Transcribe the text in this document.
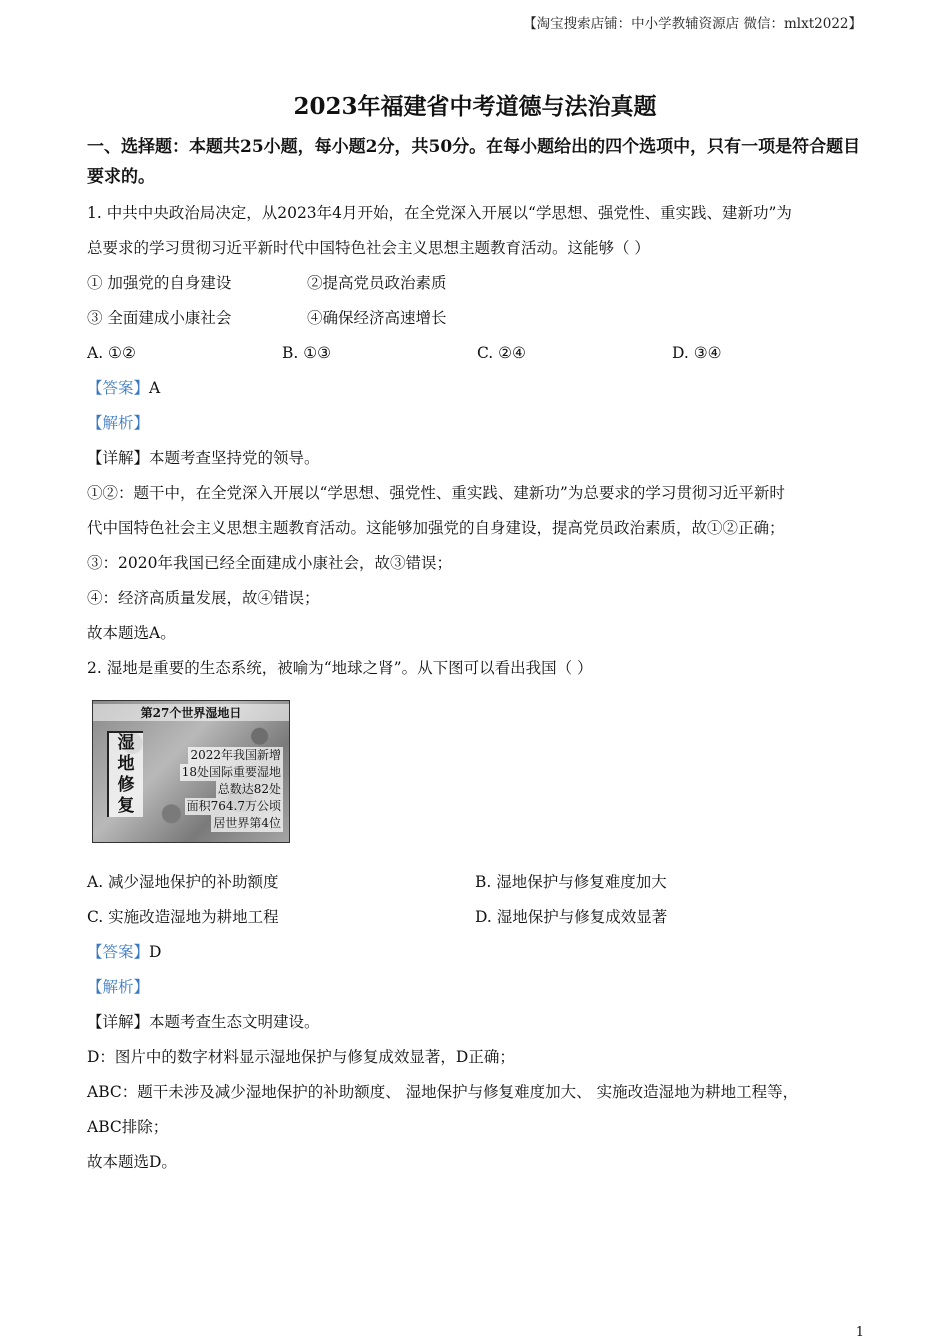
【淘宝搜索店铺：中小学教辅资源店 微信：mlxt2022】
2023年福建省中考道德与法治真题

一、选择题：本题共25小题，每小题2分，共50分。在每小题给出的四个选项中，只有一项是符合题目要求的。

1. 中共中央政治局决定，从2023年4月开始，在全党深入开展以“学思想、强党性、重实践、建新功”为

总要求的学习贯彻习近平新时代中国特色社会主义思想主题教育活动。这能够（ ）

① 加强党的自身建设	②提高党员政治素质
③ 全面建成小康社会	④确保经济高速增长
A. ①②	B. ①③	C. ②④	D. ③④

【答案】A

【解析】

【详解】本题考查坚持党的领导。

①②：题干中，在全党深入开展以“学思想、强党性、重实践、建新功”为总要求的学习贯彻习近平新时

代中国特色社会主义思想主题教育活动。这能够加强党的自身建设，提高党员政治素质，故①②正确；

③：2020年我国已经全面建成小康社会，故③错误；

④：经济高质量发展，故④错误；

故本题选A。

2. 湿地是重要的生态系统，被喻为“地球之肾”。从下图可以看出我国（ ）

第27个世界湿地日
湿
地
修
复
2022年我国新增
18处国际重要湿地
总数达82处
面积764.7万公顷
居世界第4位
A. 减少湿地保护的补助额度	B. 湿地保护与修复难度加大
C. 实施改造湿地为耕地工程	D. 湿地保护与修复成效显著

【答案】D

【解析】

【详解】本题考查生态文明建设。

D：图片中的数字材料显示湿地保护与修复成效显著，D正确；

ABC：题干未涉及减少湿地保护的补助额度、 湿地保护与修复难度加大、 实施改造湿地为耕地工程等，

ABC排除；

故本题选D。

1
